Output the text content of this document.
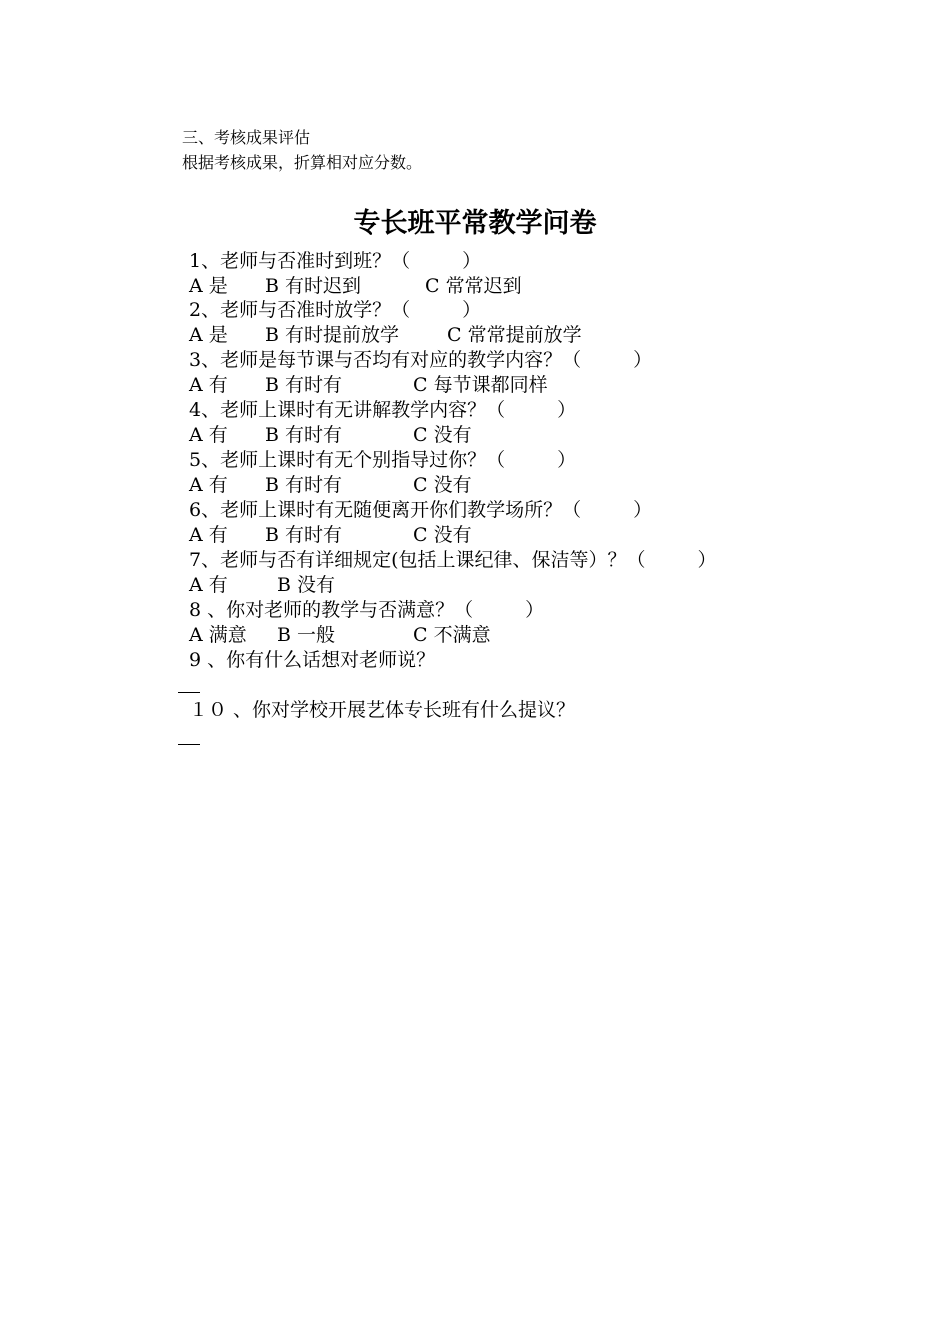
三、考核成果评估
根据考核成果，折算相对应分数。
专长班平常教学问卷
1、老师与否准时到班？（	）
A 是 B 有时迟到	C 常常迟到
2、老师与否准时放学？（	）
A 是 B 有时提前放学	C 常常提前放学
3、老师是每节课与否均有对应的教学内容？（	）
A 有 B 有时有	C 每节课都同样
4、老师上课时有无讲解教学内容？（	）
A 有 B 有时有	C 没有
5、老师上课时有无个别指导过你？（	）
A 有 B 有时有	C 没有
6、老师上课时有无随便离开你们教学场所？（	）
A 有 B 有时有	C 没有
7、老师与否有详细规定(包括上课纪律、保洁等）？（	）
A 有	B 没有
8 、你对老师的教学与否满意？（	）
A 满意 B 一般	C 不满意
9 、你有什么话想对老师说？
１０ 、你对学校开展艺体专长班有什么提议？
